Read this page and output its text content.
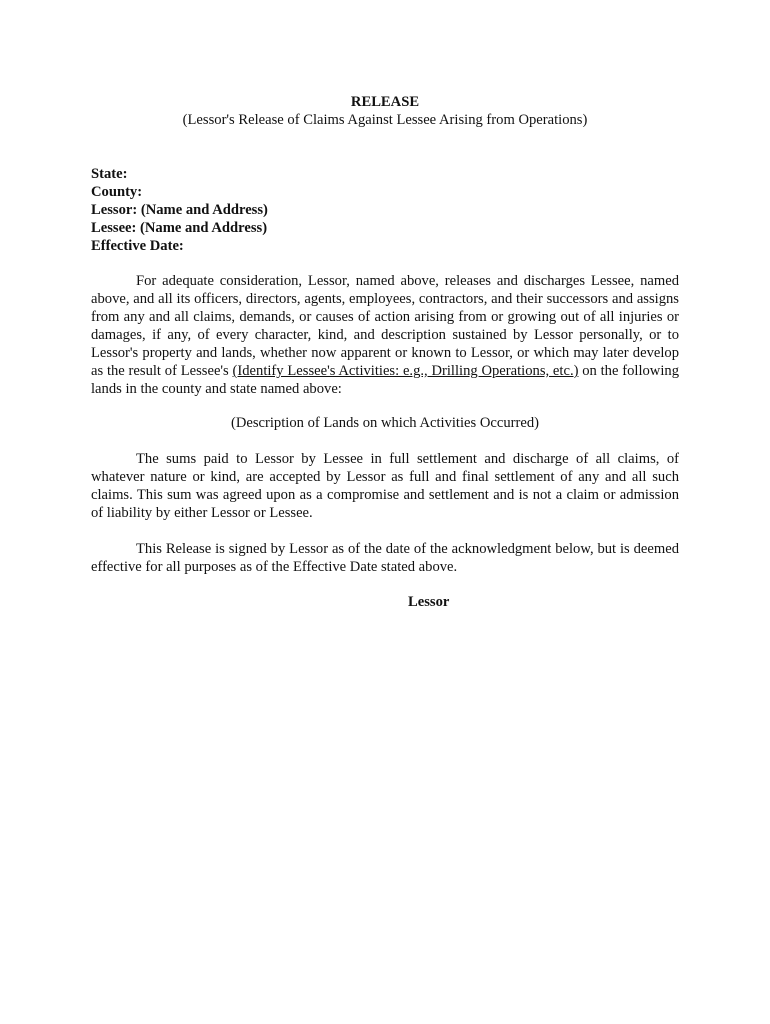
RELEASE
(Lessor's Release of Claims Against Lessee Arising from Operations)
State:
County:
Lessor: (Name and Address)
Lessee: (Name and Address)
Effective Date:
For adequate consideration, Lessor, named above, releases and discharges Lessee, named above, and all its officers, directors, agents, employees, contractors, and their successors and assigns from any and all claims, demands, or causes of action arising from or growing out of all injuries or damages, if any, of every character, kind, and description sustained by Lessor personally, or to Lessor's property and lands, whether now apparent or known to Lessor, or which may later develop as the result of Lessee's (Identify Lessee's Activities: e.g., Drilling Operations, etc.) on the following lands in the county and state named above:
(Description of Lands on which Activities Occurred)
The sums paid to Lessor by Lessee in full settlement and discharge of all claims, of whatever nature or kind, are accepted by Lessor as full and final settlement of any and all such claims. This sum was agreed upon as a compromise and settlement and is not a claim or admission of liability by either Lessor or Lessee.
This Release is signed by Lessor as of the date of the acknowledgment below, but is deemed effective for all purposes as of the Effective Date stated above.
Lessor
